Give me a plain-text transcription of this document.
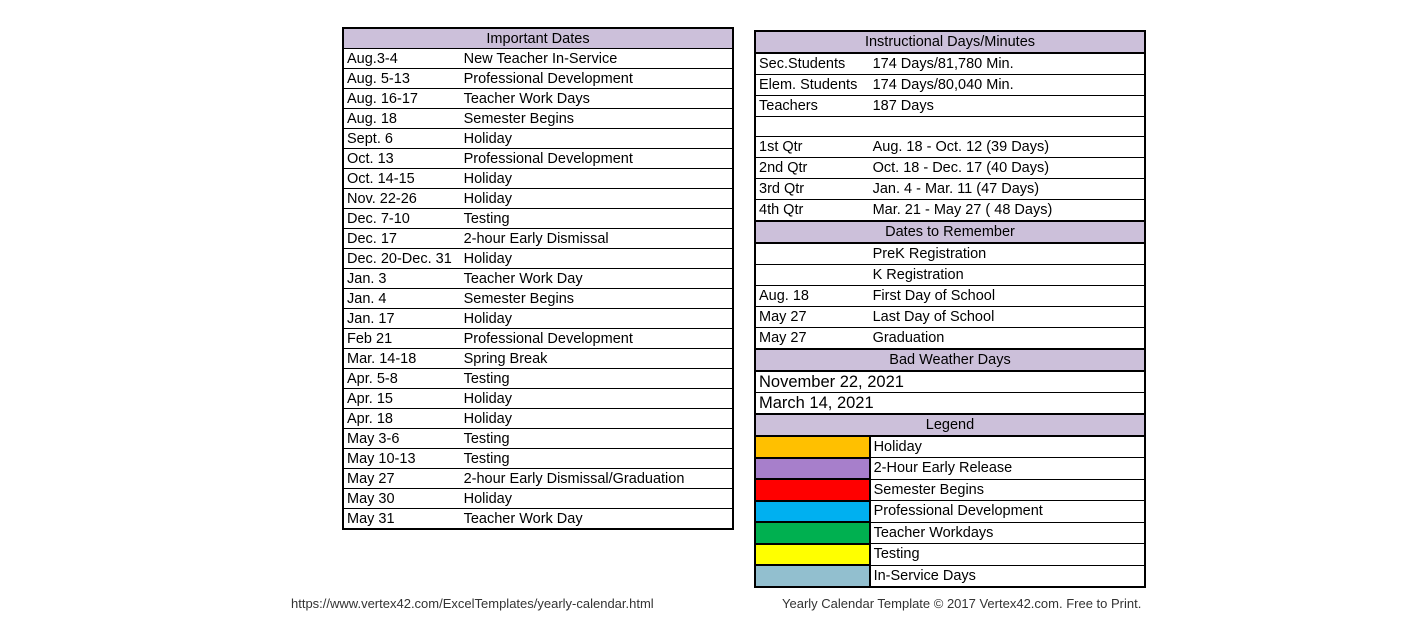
Important Dates	
Aug.3-4	New Teacher In-Service
Aug. 5-13	Professional Development
Aug. 16-17	Teacher Work Days
Aug. 18	Semester Begins
Sept. 6	Holiday
Oct. 13	Professional Development
Oct. 14-15	Holiday
Nov. 22-26	Holiday
Dec. 7-10	Testing
Dec. 17	2-hour Early Dismissal
Dec. 20-Dec. 31	Holiday
Jan. 3	Teacher Work Day
Jan. 4	Semester Begins
Jan. 17	Holiday
Feb 21	Professional Development
Mar. 14-18	Spring Break
Apr. 5-8	Testing
Apr. 15	Holiday
Apr. 18	Holiday
May 3-6	Testing
May 10-13	Testing
May 27	2-hour Early Dismissal/Graduation
May 30	Holiday
May 31	Teacher Work Day
Instructional Days/Minutes	
Sec.Students	174 Days/81,780 Min.
Elem. Students	174 Days/80,040 Min.
Teachers	187 Days

1st Qtr	Aug. 18 - Oct. 12 (39 Days)
2nd Qtr	Oct. 18 - Dec. 17 (40 Days)
3rd Qtr	Jan. 4 - Mar. 11 (47 Days)
4th Qtr	Mar. 21 - May 27 ( 48 Days)
Dates to Remember	
	PreK Registration
	K Registration
Aug. 18	First Day of School
May 27	Last Day of School
May 27	Graduation
Bad Weather Days	
November 22, 2021	
March 14, 2021	
Legend	
	Holiday
	2-Hour Early Release
	Semester Begins
	Professional Development
	Teacher Workdays
	Testing
	In-Service Days
https://www.vertex42.com/ExcelTemplates/yearly-calendar.html	Yearly Calendar Template © 2017 Vertex42.com. Free to Print.
